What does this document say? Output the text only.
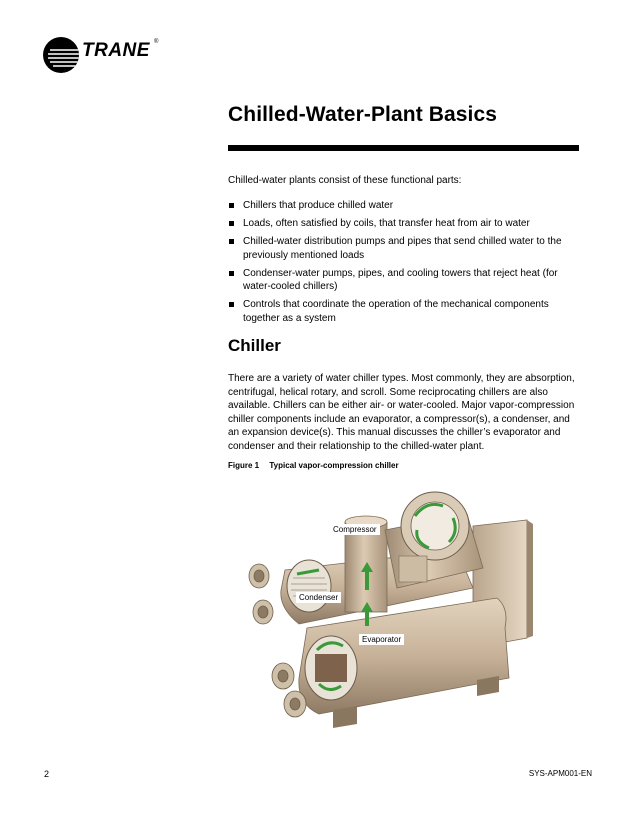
TRANE ®
Chilled-Water-Plant Basics
Chilled-water plants consist of these functional parts:
Chillers that produce chilled water
Loads, often satisfied by coils, that transfer heat from air to water
Chilled-water distribution pumps and pipes that send chilled water to the previously mentioned loads
Condenser-water pumps, pipes, and cooling towers that reject heat (for water-cooled chillers)
Controls that coordinate the operation of the mechanical components together as a system
Chiller

There are a variety of water chiller types. Most commonly, they are absorption, centrifugal, helical rotary, and scroll. Some reciprocating chillers are also available. Chillers can be either air- or water-cooled. Major vapor-compression chiller components include an evaporator, a compressor(s), a condenser, and an expansion device(s). This manual discusses the chiller’s evaporator and condenser and their relationship to the chilled-water plant.

Figure 1 Typical vapor-compression chiller
Compressor
Condenser
Evaporator
2	SYS-APM001-EN
